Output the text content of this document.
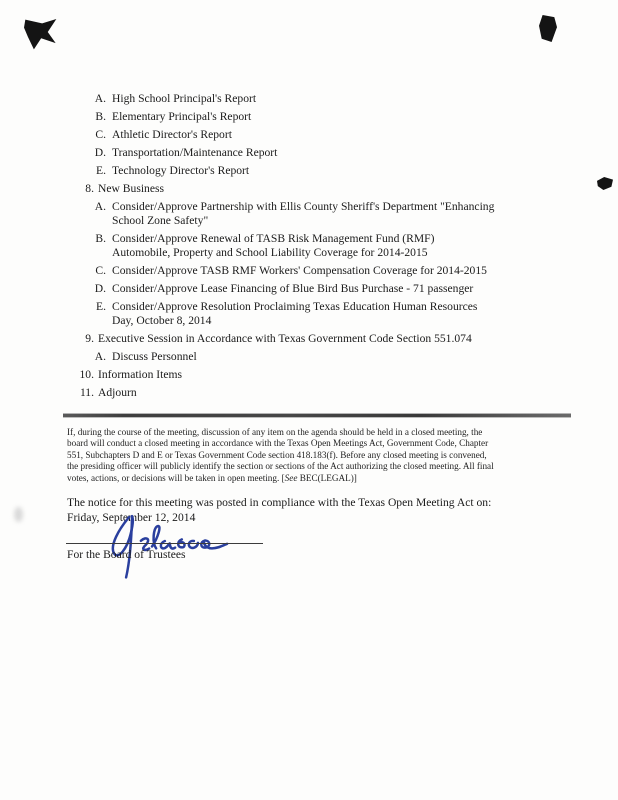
A. High School Principal's Report
B. Elementary Principal's Report
C. Athletic Director's Report
D. Transportation/Maintenance Report
E. Technology Director's Report
8. New Business
A. Consider/Approve Partnership with Ellis County Sheriff's Department "Enhancing
School Zone Safety"
B. Consider/Approve Renewal of TASB Risk Management Fund (RMF)
Automobile, Property and School Liability Coverage for 2014-2015
C. Consider/Approve TASB RMF Workers' Compensation Coverage for 2014-2015
D. Consider/Approve Lease Financing of Blue Bird Bus Purchase - 71 passenger
E. Consider/Approve Resolution Proclaiming Texas Education Human Resources
Day, October 8, 2014
9. Executive Session in Accordance with Texas Government Code Section 551.074
A. Discuss Personnel
10. Information Items
11. Adjourn
If, during the course of the meeting, discussion of any item on the agenda should be held in a closed meeting, the
board will conduct a closed meeting in accordance with the Texas Open Meetings Act, Government Code, Chapter
551, Subchapters D and E or Texas Government Code section 418.183(f). Before any closed meeting is convened,
the presiding officer will publicly identify the section or sections of the Act authorizing the closed meeting. All final
votes, actions, or decisions will be taken in open meeting. [See BEC(LEGAL)]
The notice for this meeting was posted in compliance with the Texas Open Meeting Act on:
Friday, September 12, 2014
For the Board of Trustees
